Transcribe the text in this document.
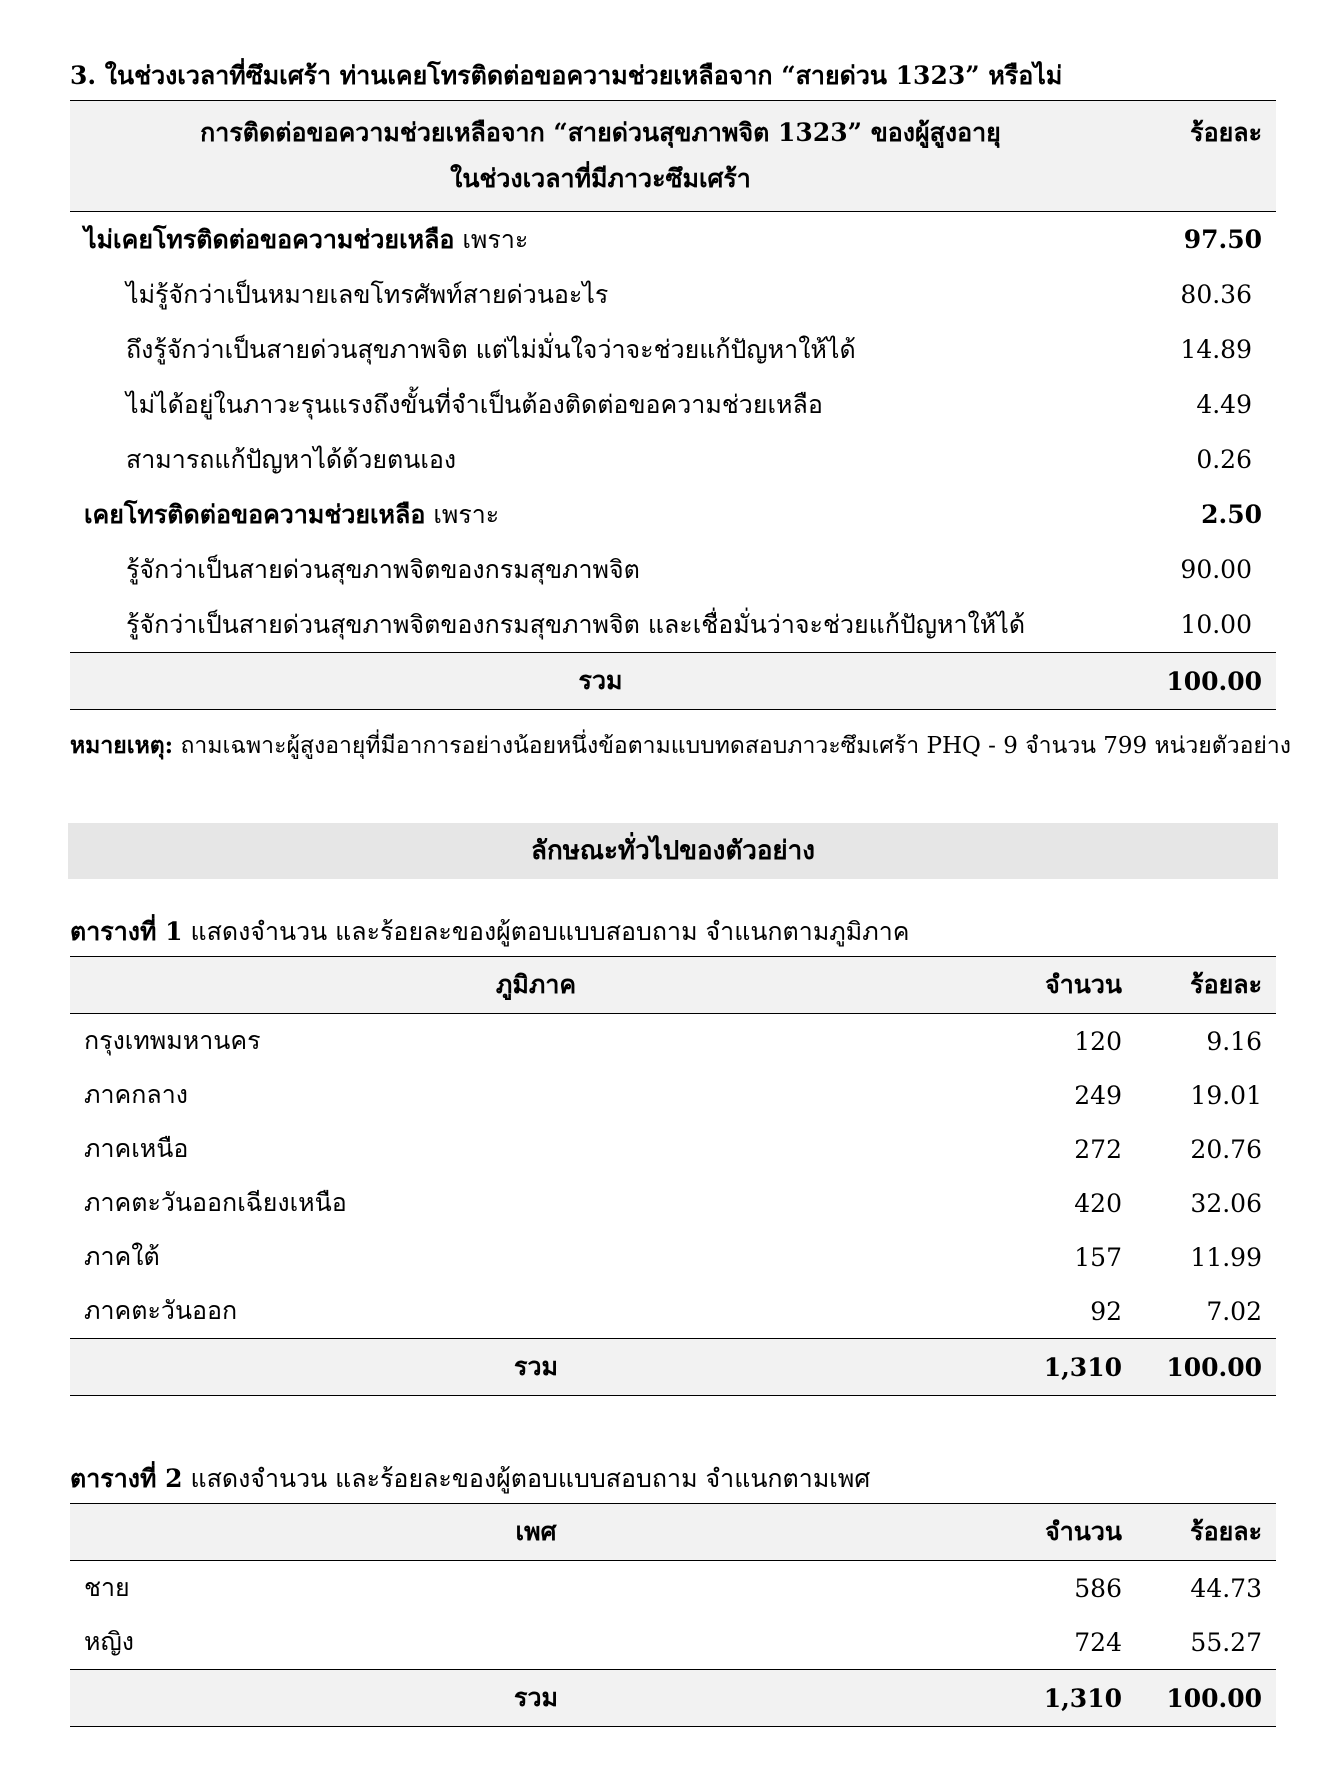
3. ในช่วงเวลาที่ซึมเศร้า ท่านเคยโทรติดต่อขอความช่วยเหลือจาก “สายด่วน 1323” หรือไม่
การติดต่อขอความช่วยเหลือจาก “สายด่วนสุขภาพจิต 1323” ของผู้สูงอายุ
ในช่วงเวลาที่มีภาวะซึมเศร้า	ร้อยละ
ไม่เคยโทรติดต่อขอความช่วยเหลือ เพราะ	97.50
ไม่รู้จักว่าเป็นหมายเลขโทรศัพท์สายด่วนอะไร	80.36
ถึงรู้จักว่าเป็นสายด่วนสุขภาพจิต แต่ไม่มั่นใจว่าจะช่วยแก้ปัญหาให้ได้	14.89
ไม่ได้อยู่ในภาวะรุนแรงถึงขั้นที่จำเป็นต้องติดต่อขอความช่วยเหลือ	4.49
สามารถแก้ปัญหาได้ด้วยตนเอง	0.26
เคยโทรติดต่อขอความช่วยเหลือ เพราะ	2.50
รู้จักว่าเป็นสายด่วนสุขภาพจิตของกรมสุขภาพจิต	90.00
รู้จักว่าเป็นสายด่วนสุขภาพจิตของกรมสุขภาพจิต และเชื่อมั่นว่าจะช่วยแก้ปัญหาให้ได้	10.00
รวม	100.00
หมายเหตุ: ถามเฉพาะผู้สูงอายุที่มีอาการอย่างน้อยหนึ่งข้อตามแบบทดสอบภาวะซึมเศร้า PHQ - 9 จำนวน 799 หน่วยตัวอย่าง
ลักษณะทั่วไปของตัวอย่าง
ตารางที่ 1 แสดงจำนวน และร้อยละของผู้ตอบแบบสอบถาม จำแนกตามภูมิภาค
ภูมิภาค	จำนวน	ร้อยละ
กรุงเทพมหานคร	120	9.16
ภาคกลาง	249	19.01
ภาคเหนือ	272	20.76
ภาคตะวันออกเฉียงเหนือ	420	32.06
ภาคใต้	157	11.99
ภาคตะวันออก	92	7.02
รวม	1,310	100.00
ตารางที่ 2 แสดงจำนวน และร้อยละของผู้ตอบแบบสอบถาม จำแนกตามเพศ
เพศ	จำนวน	ร้อยละ
ชาย	586	44.73
หญิง	724	55.27
รวม	1,310	100.00
